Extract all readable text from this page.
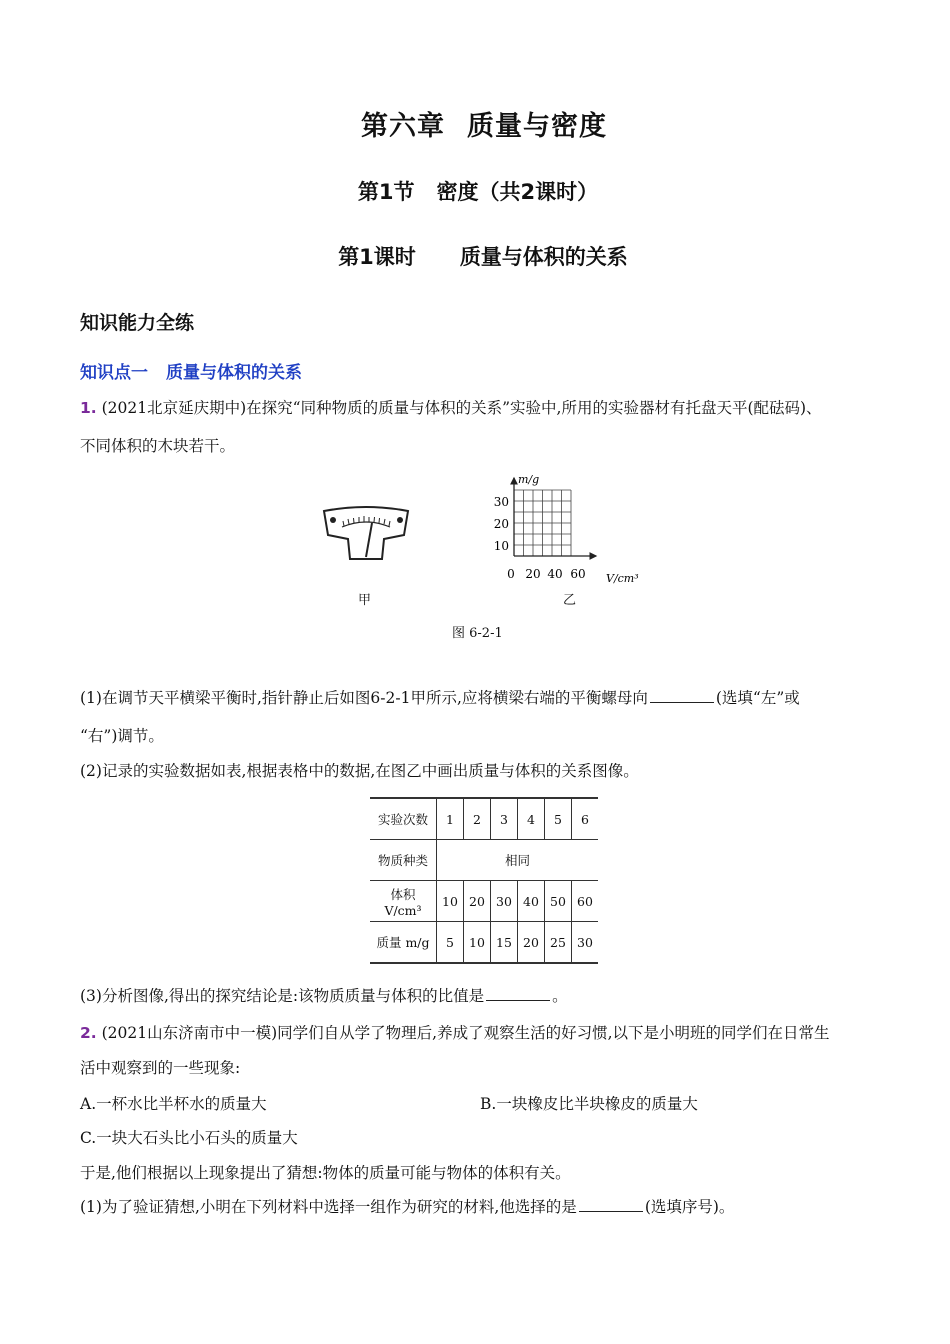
第六章 质量与密度
第1节 密度（共2课时）
第1课时 质量与体积的关系
知识能力全练
知识点一 质量与体积的关系
1. (2021北京延庆期中)在探究“同种物质的质量与体积的关系”实验中,所用的实验器材有托盘天平(配砝码)、
不同体积的木块若干。
甲
m/g
30
20
10
0 20 40 60 V/cm³
乙
图 6-2-1
(1)在调节天平横梁平衡时,指针静止后如图6-2-1甲所示,应将横梁右端的平衡螺母向	(选填“左”或
“右”)调节。
(2)记录的实验数据如表,根据表格中的数据,在图乙中画出质量与体积的关系图像。
实验次数	1	2	3	4	5	6
物质种类	相同					
体积 V/cm³	10	20	30	40	50	60
质量 m/g	5	10	15	20	25	30
(3)分析图像,得出的探究结论是:该物质质量与体积的比值是	。
2. (2021山东济南市中一模)同学们自从学了物理后,养成了观察生活的好习惯,以下是小明班的同学们在日常生
活中观察到的一些现象:
A.一杯水比半杯水的质量大	B.一块橡皮比半块橡皮的质量大
C.一块大石头比小石头的质量大
于是,他们根据以上现象提出了猜想:物体的质量可能与物体的体积有关。
(1)为了验证猜想,小明在下列材料中选择一组作为研究的材料,他选择的是	(选填序号)。
